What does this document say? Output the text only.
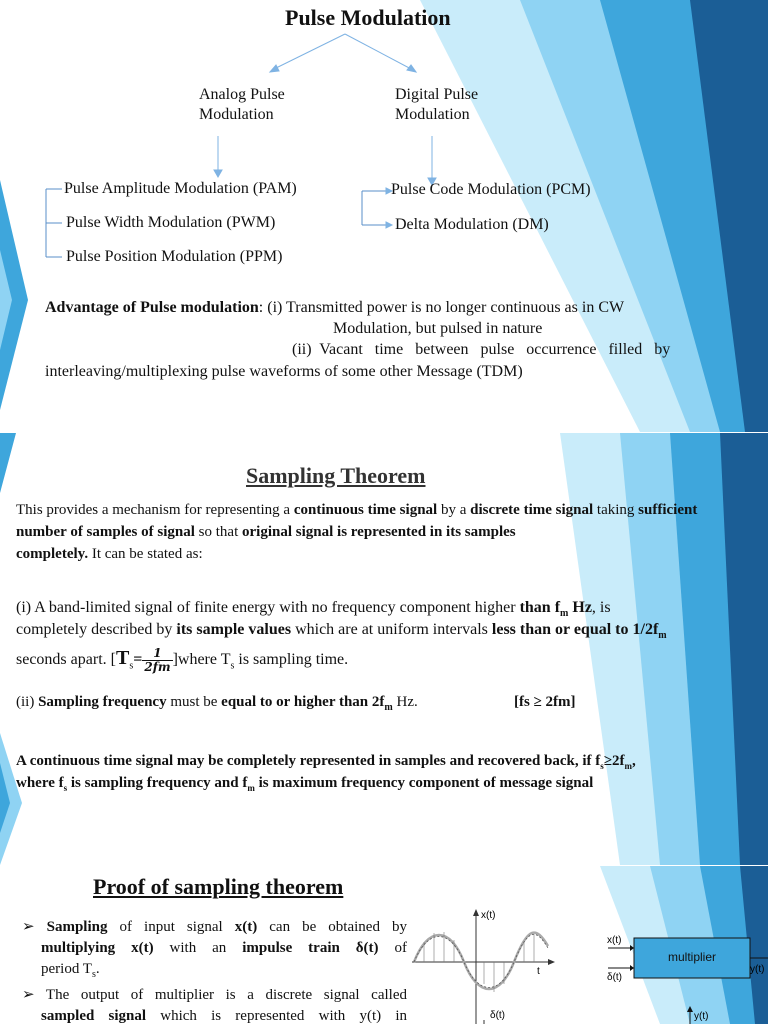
Pulse Modulation
Analog Pulse
Modulation
Digital Pulse
Modulation
Pulse Amplitude Modulation (PAM)
Pulse Width Modulation (PWM)
Pulse Position Modulation (PPM)
Pulse Code Modulation (PCM)
Delta Modulation (DM)
Advantage of Pulse modulation: (i) Transmitted power is no longer continuous as in CW
Modulation, but pulsed in nature
(ii)  Vacant   time   between   pulse   occurrence   filled   by
interleaving/multiplexing pulse waveforms of some other Message (TDM)
Sampling Theorem
This provides a mechanism for representing a continuous time signal by a discrete time signal taking sufficient number of samples of signal so that original signal is represented in its samples
completely. It can be stated as:
(i) A band-limited signal of finite energy with no frequency component higher than $f_m$ Hz, is
completely described by its sample values which are at uniform intervals less than or equal to $1/2f_m$
seconds apart. [$T_s= \frac{1}{2fm}$ ]where $T_s$ is sampling time.
(ii) Sampling frequency must be equal to or higher than $2f_m$ Hz.	[fs ≥ 2fm]
A continuous time signal may be completely represented in samples and recovered back, if $f_s\ge 2f_m$,
where $f_s$ is sampling frequency and $f_m$ is maximum frequency component of message signal
Proof of sampling theorem
➢ Sampling of input signal x(t) can be obtained by
multiplying x(t) with an impulse train δ(t) of
period $T_s$.
➢ The output of multiplier is a discrete signal called
sampled signal which is represented with y(t) in
x(t)
t
δ(t)
multiplier
x(t)
δ(t)
y(t)
y(t)
